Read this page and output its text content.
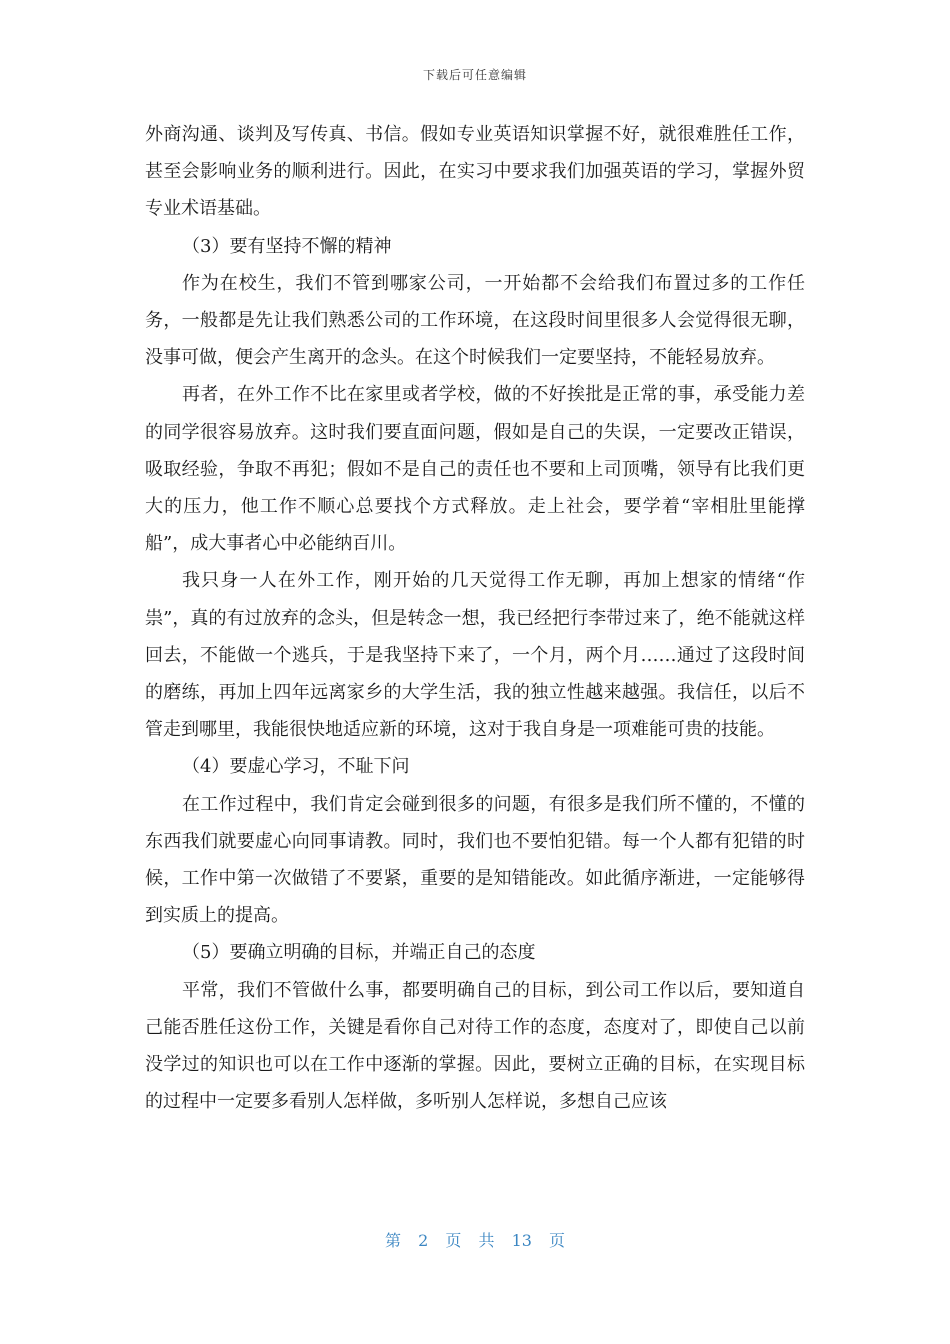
下载后可任意编辑

外商沟通、谈判及写传真、书信。假如专业英语知识掌握不好，就很难胜任工作，甚至会影响业务的顺利进行。因此，在实习中要求我们加强英语的学习，掌握外贸专业术语基础。

（3）要有坚持不懈的精神

作为在校生，我们不管到哪家公司，一开始都不会给我们布置过多的工作任务，一般都是先让我们熟悉公司的工作环境，在这段时间里很多人会觉得很无聊，没事可做，便会产生离开的念头。在这个时候我们一定要坚持，不能轻易放弃。

再者，在外工作不比在家里或者学校，做的不好挨批是正常的事，承受能力差的同学很容易放弃。这时我们要直面问题，假如是自己的失误，一定要改正错误，吸取经验，争取不再犯；假如不是自己的责任也不要和上司顶嘴，领导有比我们更大的压力，他工作不顺心总要找个方式释放。走上社会，要学着“宰相肚里能撑船”，成大事者心中必能纳百川。

我只身一人在外工作，刚开始的几天觉得工作无聊，再加上想家的情绪“作祟”，真的有过放弃的念头，但是转念一想，我已经把行李带过来了，绝不能就这样回去，不能做一个逃兵，于是我坚持下来了，一个月，两个月……通过了这段时间的磨练，再加上四年远离家乡的大学生活，我的独立性越来越强。我信任，以后不管走到哪里，我能很快地适应新的环境，这对于我自身是一项难能可贵的技能。

（4）要虚心学习，不耻下问

在工作过程中，我们肯定会碰到很多的问题，有很多是我们所不懂的，不懂的东西我们就要虚心向同事请教。同时，我们也不要怕犯错。每一个人都有犯错的时候，工作中第一次做错了不要紧，重要的是知错能改。如此循序渐进，一定能够得到实质上的提高。

（5）要确立明确的目标，并端正自己的态度

平常，我们不管做什么事，都要明确自己的目标，到公司工作以后，要知道自己能否胜任这份工作，关键是看你自己对待工作的态度，态度对了，即使自己以前没学过的知识也可以在工作中逐渐的掌握。因此，要树立正确的目标，在实现目标的过程中一定要多看别人怎样做，多听别人怎样说，多想自己应该

第 2 页 共 13 页
